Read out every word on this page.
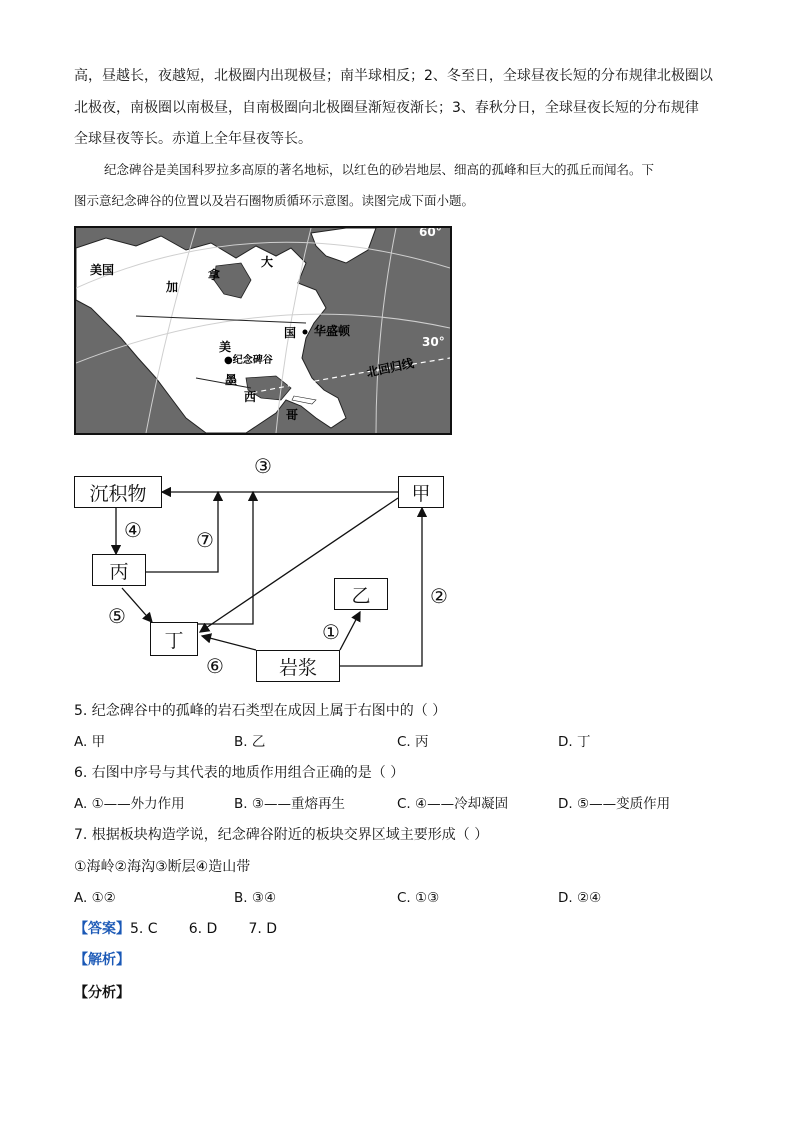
高，昼越长，夜越短，北极圈内出现极昼；南半球相反；2、冬至日，全球昼夜长短的分布规律北极圈以
北极夜，南极圈以南极昼，自南极圈向北极圈昼渐短夜渐长；3、春秋分日，全球昼夜长短的分布规律
全球昼夜等长。赤道上全年昼夜等长。
纪念碑谷是美国科罗拉多高原的著名地标，以红色的砂岩地层、细高的孤峰和巨大的孤丘而闻名。下
图示意纪念碑谷的位置以及岩石圈物质循环示意图。读图完成下面小题。
60°
30°
美国
加
拿
大
美
国 华盛顿
●纪念碑谷
墨
西
哥
北回归线
沉积物	甲
丙
乙
丁
岩浆
③
④	⑦
⑤
⑥
①
②
5. 纪念碑谷中的孤峰的岩石类型在成因上属于右图中的（ ）
A. 甲	B. 乙	C. 丙	D. 丁
6. 右图中序号与其代表的地质作用组合正确的是（ ）
A. ①——外力作用	B. ③——重熔再生	C. ④——冷却凝固	D. ⑤——变质作用
7. 根据板块构造学说，纪念碑谷附近的板块交界区域主要形成（ ）
①海岭②海沟③断层④造山带
A. ①②	B. ③④	C. ①③	D. ②④
【答案】5. C       6. D       7. D
【解析】
【分析】
